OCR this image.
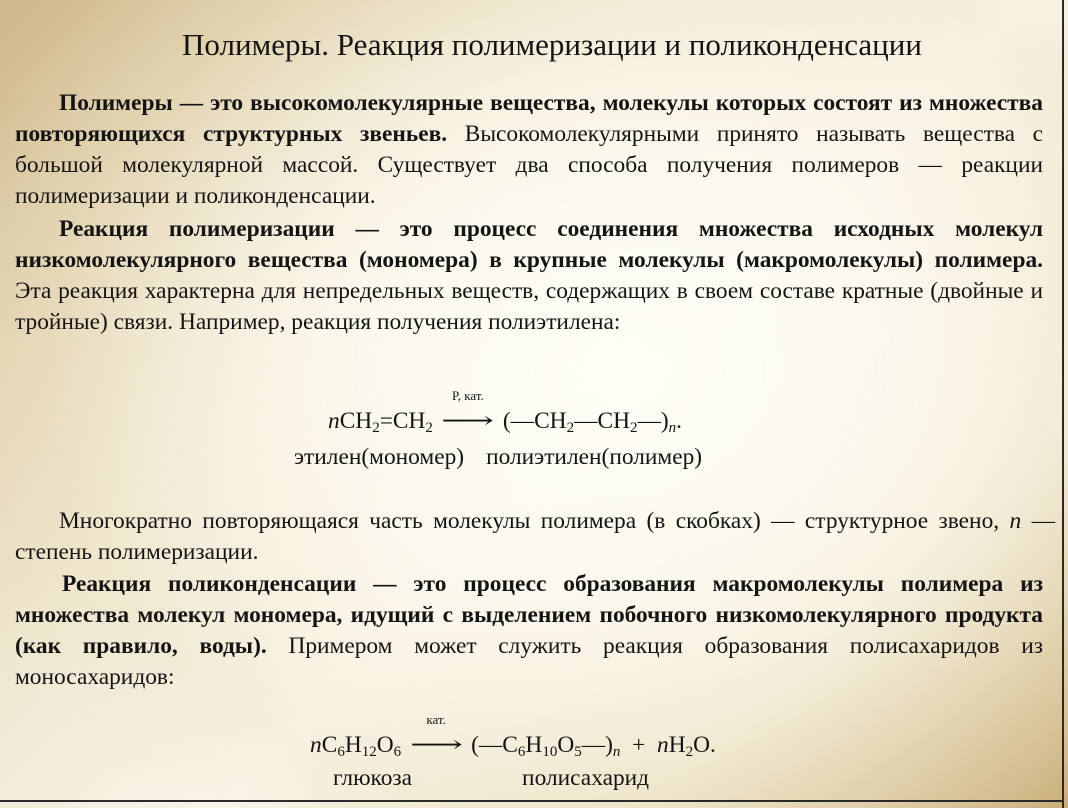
Полимеры. Реакция полимеризации и поликонденсации

Полимеры — это высокомолекулярные вещества, молекулы которых состоят из множества повторяющихся структурных звеньев. Высокомолекулярными принято называть вещества с большой молекулярной массой. Существует два способа получения полимеров — реакции полимеризации и поликонденсации.

Реакция полимеризации — это процесс соединения множества исходных молекул низкомолекулярного вещества (мономера) в крупные молекулы (макромолекулы) полимера. Эта реакция характерна для непредельных веществ, содержащих в своем составе кратные (двойные и тройные) связи. Например, реакция получения полиэтилена:

$nCH_2=CH_2$
P, кат.
⟶ $(—CH_2—CH_2—)_n$.
этилен(мономер) полиэтилен(полимер)

Многократно повторяющаяся часть молекулы полимера (в скобках) — структурное звено, n — степень полимеризации.

Реакция поликонденсации — это процесс образования макромолекулы полимера из множества молекул мономера, идущий с выделением побочного низкомолекулярного продукта (как правило, воды). Примером может служить реакция образования полисахаридов из моносахаридов:

$nC_6H_{12}O_6$
кат.
⟶ $(—C_6H_{10}O_5—)_n + nH_2O$.
глюкоза	полисахарид
